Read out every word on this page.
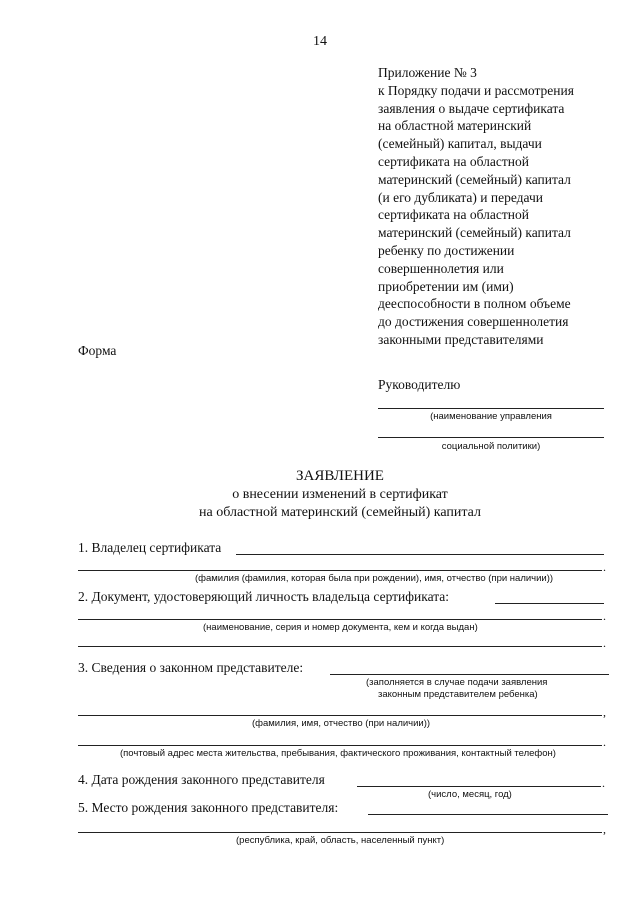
14
Приложение № 3
к Порядку подачи и рассмотрения
заявления о выдаче сертификата
на областной материнский
(семейный) капитал, выдачи
сертификата на областной
материнский (семейный) капитал
(и его дубликата) и передачи
сертификата на областной
материнский (семейный) капитал
ребенку по достижении
совершеннолетия или
приобретении им (ими)
дееспособности в полном объеме
до достижения совершеннолетия
законными представителями
Форма
Руководителю
(наименование управления
социальной политики)
ЗАЯВЛЕНИЕ
о внесении изменений в сертификат
на областной материнский (семейный) капитал
1. Владелец сертификата
.
(фамилия (фамилия, которая была при рождении), имя, отчество (при наличии))
2. Документ, удостоверяющий личность владельца сертификата:
.
(наименование, серия и номер документа, кем и когда выдан)
.
3. Сведения о законном представителе:
(заполняется в случае подачи заявления
законным представителем ребенка)
,
(фамилия, имя, отчество (при наличии))
.
(почтовый адрес места жительства, пребывания, фактического проживания, контактный телефон)
4. Дата рождения законного представителя	.
(число, месяц, год)
5. Место рождения законного представителя:
,
(республика, край, область, населенный пункт)
